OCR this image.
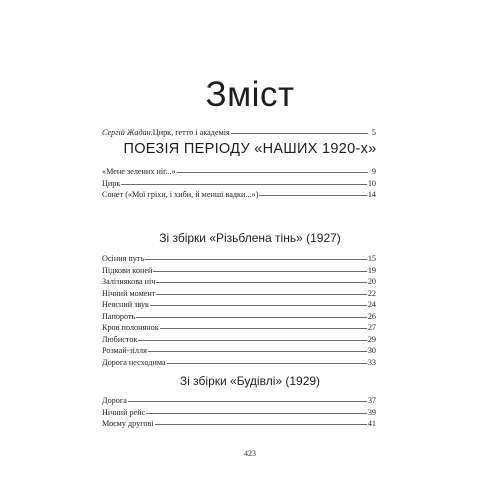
Зміст
Сергій Жадан. Цирк, гетто і академія	5
ПОЕЗІЯ ПЕРІОДУ «НАШИХ 1920-х»
«Мене зелених ніг...»	9
Цирк	10
Сонет («Мої гріхи, і хиби, й менші вадки...»)	14
Зі збірки «Різьблена тінь» (1927)
Осіння путь	15
Підкови коней	19
Залізнякова ніч	20
Нічний момент	22
Неясний звук	24
Папороть	26
Кров полонянок	27
Любисток	29
Розмай-зілля	30
Дорога несходима	33
Зі збірки «Будівлі» (1929)
Дорога	37
Нічний рейс	39
Моєму другові	41
423
